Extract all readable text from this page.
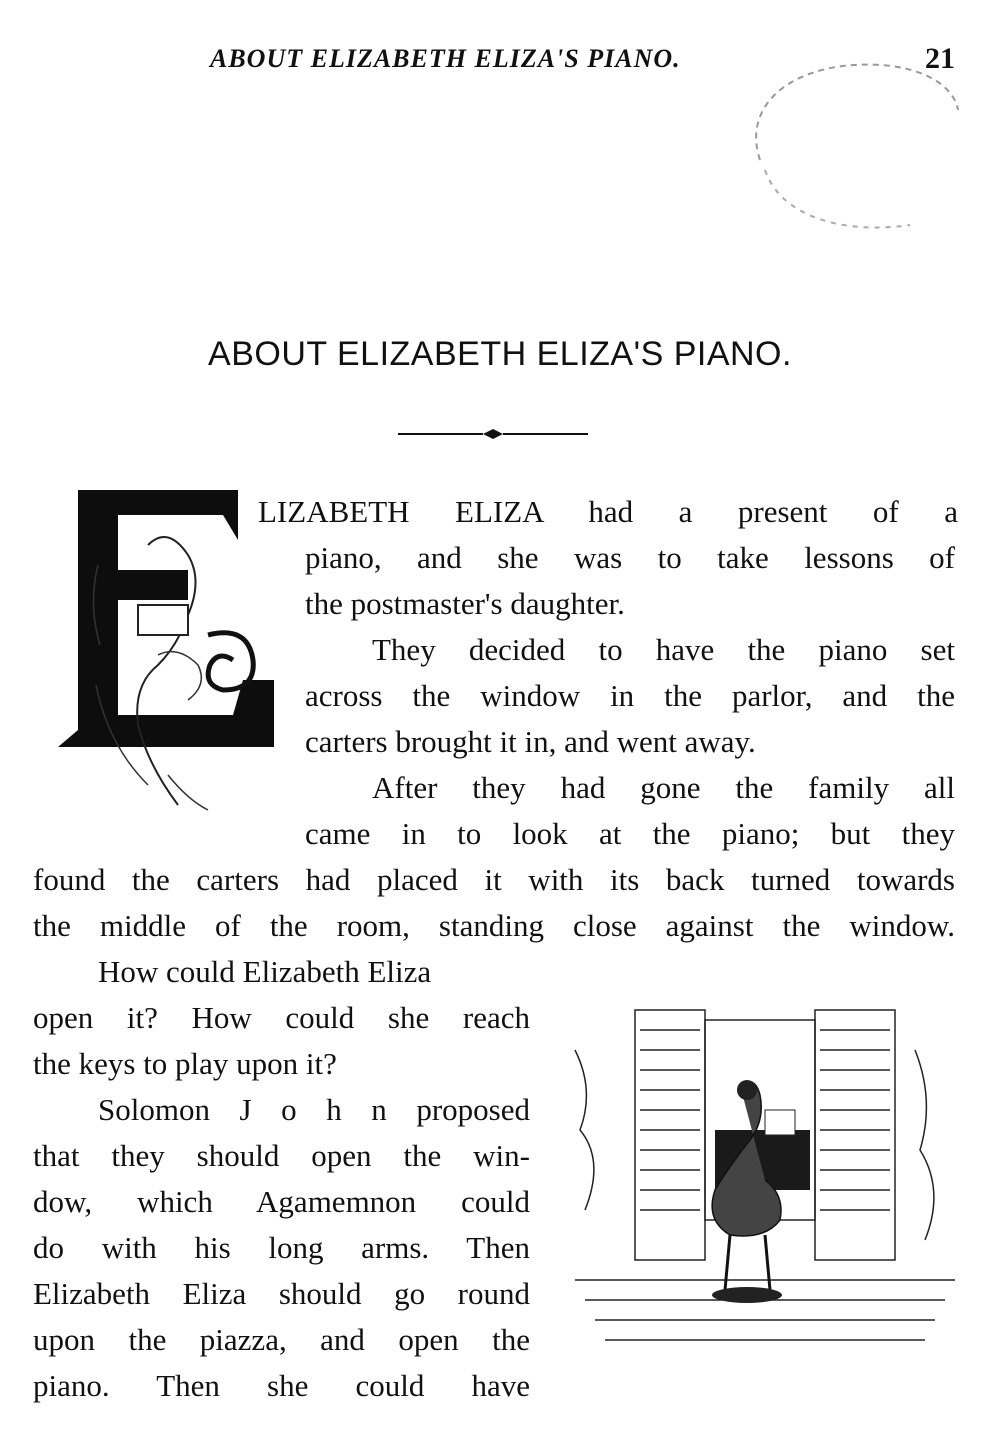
ABOUT ELIZABETH ELIZA'S PIANO.	21
ABOUT ELIZABETH ELIZA'S PIANO.
LIZABETH ELIZA had a present of a
piano, and she was to take lessons of
the postmaster's daughter.
They decided to have the piano set
across the window in the parlor, and the
carters brought it in, and went away.
After they had gone the family all
came in to look at the piano; but they
found the carters had placed it with its back turned towards
the middle of the room, standing close against the window.
How could Elizabeth Eliza
open it? How could she reach
the keys to play upon it?
Solomon J o h n proposed
that they should open the win-
dow, which Agamemnon could
do with his long arms. Then
Elizabeth Eliza should go round
upon the piazza, and open the
piano. Then she could have
